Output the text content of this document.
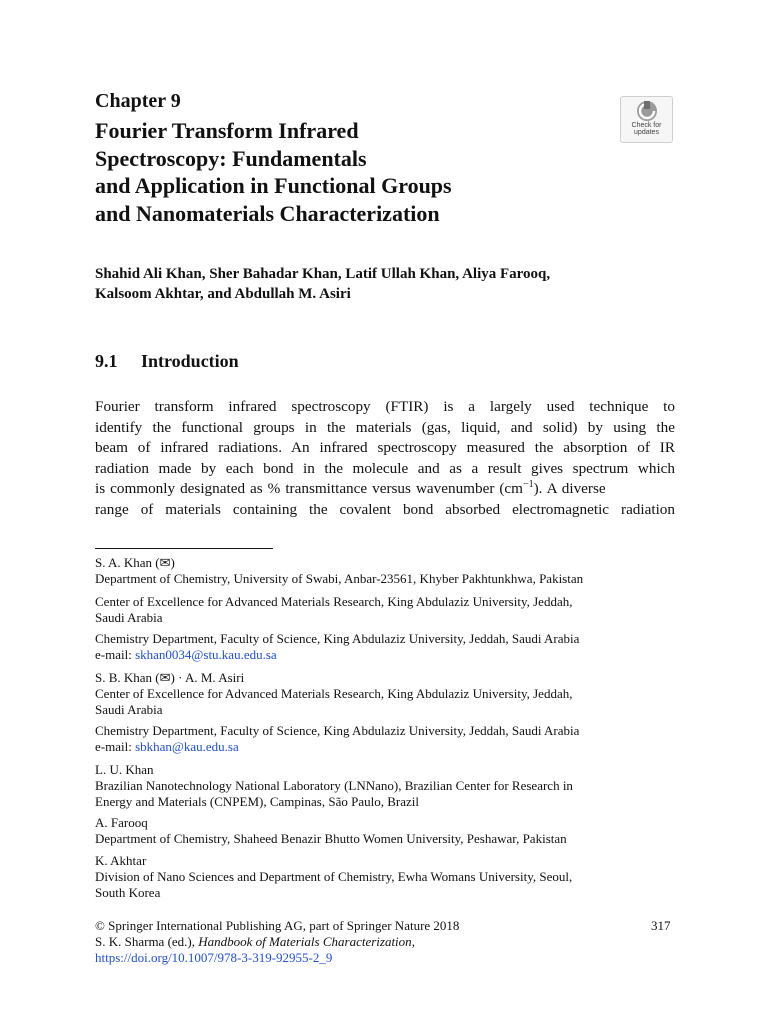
Chapter 9
Fourier Transform Infrared
Spectroscopy: Fundamentals
and Application in Functional Groups
and Nanomaterials Characterization
Check for
updates
Shahid Ali Khan, Sher Bahadar Khan, Latif Ullah Khan, Aliya Farooq,
Kalsoom Akhtar, and Abdullah M. Asiri
9.1 Introduction
Fourier transform infrared spectroscopy (FTIR) is a largely used technique to
identify the functional groups in the materials (gas, liquid, and solid) by using the
beam of infrared radiations. An infrared spectroscopy measured the absorption of IR
radiation made by each bond in the molecule and as a result gives spectrum which
is commonly designated as % transmittance versus wavenumber $(cm^{-1})$. A diverse
range of materials containing the covalent bond absorbed electromagnetic radiation
S. A. Khan (✉)
Department of Chemistry, University of Swabi, Anbar-23561, Khyber Pakhtunkhwa, Pakistan
Center of Excellence for Advanced Materials Research, King Abdulaziz University, Jeddah,
Saudi Arabia
Chemistry Department, Faculty of Science, King Abdulaziz University, Jeddah, Saudi Arabia
e-mail: skhan0034@stu.kau.edu.sa
S. B. Khan (✉) · A. M. Asiri
Center of Excellence for Advanced Materials Research, King Abdulaziz University, Jeddah,
Saudi Arabia
Chemistry Department, Faculty of Science, King Abdulaziz University, Jeddah, Saudi Arabia
e-mail: sbkhan@kau.edu.sa
L. U. Khan
Brazilian Nanotechnology National Laboratory (LNNano), Brazilian Center for Research in
Energy and Materials (CNPEM), Campinas, São Paulo, Brazil
A. Farooq
Department of Chemistry, Shaheed Benazir Bhutto Women University, Peshawar, Pakistan
K. Akhtar
Division of Nano Sciences and Department of Chemistry, Ewha Womans University, Seoul,
South Korea
© Springer International Publishing AG, part of Springer Nature 2018
S. K. Sharma (ed.), Handbook of Materials Characterization,
https://doi.org/10.1007/978-3-319-92955-2_9
317
